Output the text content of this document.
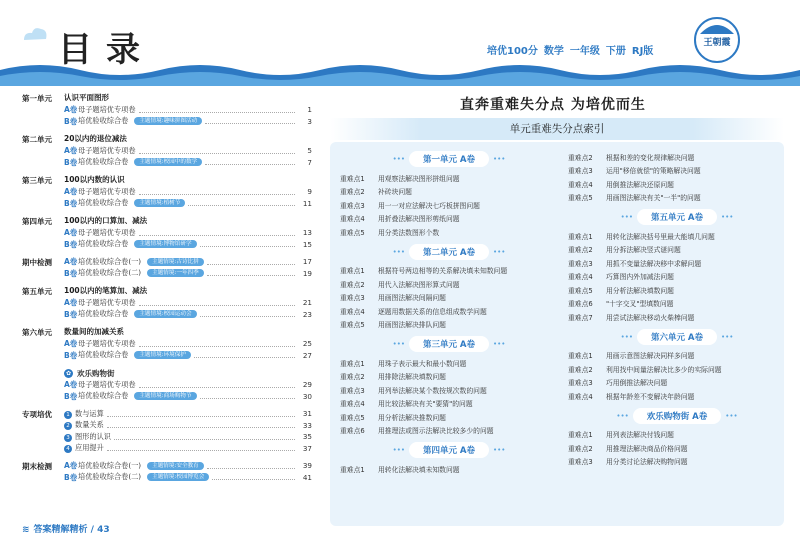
目录	培优100分 数学 一年级 下册 RJ版
王朝霞
第一单元	认识平面图形
A卷 母子题培优专项卷	1
B卷 培优验收综合卷	主题情境:趣味拼图活动	3
第二单元	20以内的退位减法
A卷 母子题培优专项卷	5
B卷 培优验收综合卷	主题情境:校园中的数学	7
第三单元	100以内数的认识
A卷 母子题培优专项卷	9
B卷 培优验收综合卷	主题情境:植树节	11
第四单元	100以内的口算加、减法
A卷 母子题培优专项卷	13
B卷 培优验收综合卷	主题情境:博物馆研学	15
期中检测	A卷 培优验收综合卷(一)	主题情境:古诗比拼	17
B卷 培优验收综合卷(二)	主题情境:一年四季	19
第五单元	100以内的笔算加、减法
A卷 母子题培优专项卷	21
B卷 培优验收综合卷	主题情境:校园运动会	23
第六单元	数量间的加减关系
A卷 母子题培优专项卷	25
B卷 培优验收综合卷	主题情境:环境保护	27
✿ 欢乐购物街
A卷 母子题培优专项卷	29
B卷 培优验收综合卷	主题情境:商场购物节	30
专项培优	1 数与运算	31
2 数量关系	33
3 图形的认识	35
4 应用提升	37
期末检测	A卷 培优验收综合卷(一)	主题情境:安全教育	39
B卷 培优验收综合卷(二)	主题情境:校园博览会	41
≋ 答案精解精析 / 43
直奔重难失分点 为培优而生
单元重难失分点索引
•••	第一单元 A卷	•••
重难点1	用观察法解决图形拼组问题
重难点2	补砖块问题
重难点3	用一一对应法解决七巧板拼图问题
重难点4	用折叠法解决图形剪纸问题
重难点5	用分类法数图形个数
•••	第二单元 A卷	•••
重难点1	根据符号两边相等的关系解决填未知数问题
重难点2	用代入法解决图形算式问题
重难点3	用画图法解决间隔问题
重难点4	逐题用数据关系的信息组成数学问题
重难点5	用画图法解决排队问题
•••	第三单元 A卷	•••
重难点1	用珠子表示最大和最小数问题
重难点2	用排除法解决填数问题
重难点3	用列举法解决某个数按规次数的问题
重难点4	用比较法解决有关"要猜"的问题
重难点5	用分析法解决推数问题
重难点6	用推理法或图示法解决比较多少的问题
•••	第四单元 A卷	•••
重难点1	用转化法解决填未知数问题
重难点2	根据和差的变化规律解决问题
重难点3	运用"移倍就偿"的策略解决问题
重难点4	用倒推法解决还原问题
重难点5	用画图法解决有关"一半"的问题
•••	第五单元 A卷	•••
重难点1	用转化法解决括号里最大能填几问题
重难点2	用分拆法解决竖式谜问题
重难点3	用抓不变量法解决移中求解问题
重难点4	巧算图内外加减法问题
重难点5	用分析法解决填数问题
重难点6	"十字交叉"型填数问题
重难点7	用尝试法解决移动火柴棒问题
•••	第六单元 A卷	•••
重难点1	用画示意图法解决同样多问题
重难点2	利用找中间量法解决比多少的实际问题
重难点3	巧用倒推法解决问题
重难点4	根据年龄差不变解决年龄问题
•••	欢乐购物街 A卷	•••
重难点1	用列表法解决付钱问题
重难点2	用推理法解决商品价格问题
重难点3	用分类讨论法解决购物问题
